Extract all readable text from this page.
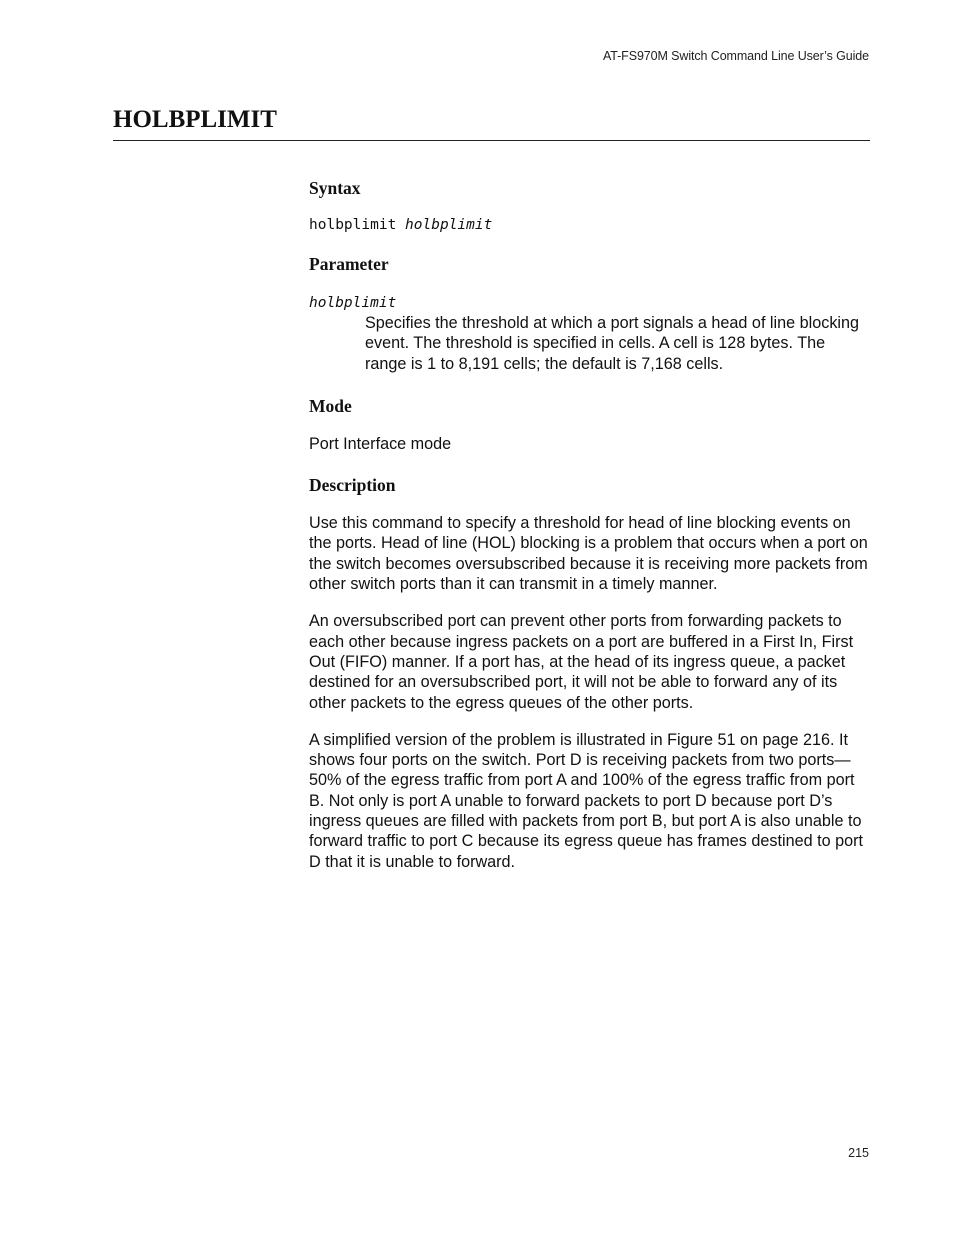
AT-FS970M Switch Command Line User’s Guide
HOLBPLIMIT
Syntax

holbplimit holbplimit

Parameter

holbplimit

Specifies the threshold at which a port signals a head of line blocking event. The threshold is specified in cells. A cell is 128 bytes. The range is 1 to 8,191 cells; the default is 7,168 cells.

Mode

Port Interface mode

Description

Use this command to specify a threshold for head of line blocking events on the ports. Head of line (HOL) blocking is a problem that occurs when a port on the switch becomes oversubscribed because it is receiving more packets from other switch ports than it can transmit in a timely manner.

An oversubscribed port can prevent other ports from forwarding packets to each other because ingress packets on a port are buffered in a First In, First Out (FIFO) manner. If a port has, at the head of its ingress queue, a packet destined for an oversubscribed port, it will not be able to forward any of its other packets to the egress queues of the other ports.

A simplified version of the problem is illustrated in Figure 51 on page 216. It shows four ports on the switch. Port D is receiving packets from two ports— 50% of the egress traffic from port A and 100% of the egress traffic from port B. Not only is port A unable to forward packets to port D because port D’s ingress queues are filled with packets from port B, but port A is also unable to forward traffic to port C because its egress queue has frames destined to port D that it is unable to forward.

215
